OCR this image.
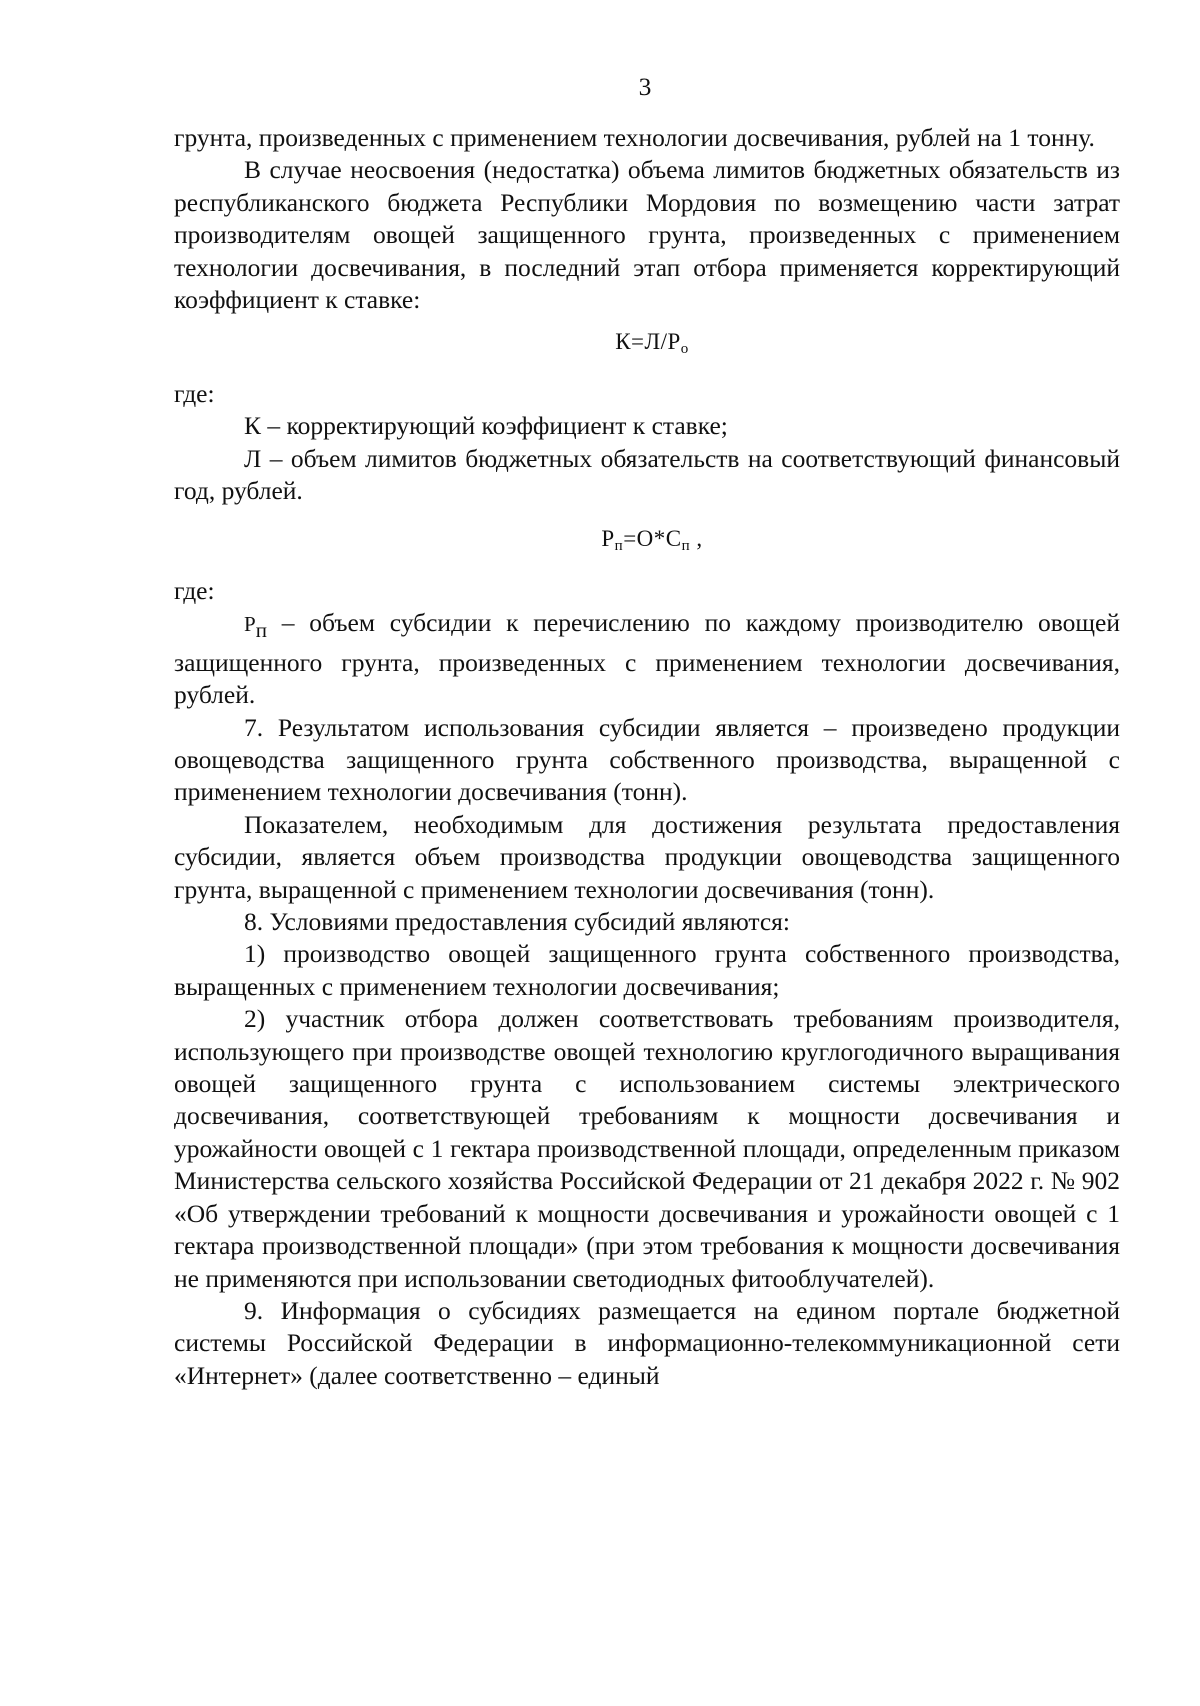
3

грунта, произведенных с применением технологии досвечивания, рублей на 1 тонну.

В случае неосвоения (недостатка) объема лимитов бюджетных обязательств из республиканского бюджета Республики Мордовия по возмещению части затрат производителям овощей защищенного грунта, произведенных с применением технологии досвечивания, в последний этап отбора применяется корректирующий коэффициент к ставке:

$К=Л/Р_о$

где:

К – корректирующий коэффициент к ставке;

Л – объем лимитов бюджетных обязательств на соответствующий финансовый год, рублей.

$Р_п=О*С_п$ ,

где:

$Р_п$ – объем субсидии к перечислению по каждому производителю овощей защищенного грунта, произведенных с применением технологии досвечивания, рублей.

7. Результатом использования субсидии является – произведено продукции овощеводства защищенного грунта собственного производства, выращенной с применением технологии досвечивания (тонн).

Показателем, необходимым для достижения результата предоставления субсидии, является объем производства продукции овощеводства защищенного грунта, выращенной с применением технологии досвечивания (тонн).

8. Условиями предоставления субсидий являются:

1) производство овощей защищенного грунта собственного производства, выращенных с применением технологии досвечивания;

2) участник отбора должен соответствовать требованиям производителя, использующего при производстве овощей технологию круглогодичного выращивания овощей защищенного грунта с использованием системы электрического досвечивания, соответствующей требованиям к мощности досвечивания и урожайности овощей с 1 гектара производственной площади, определенным приказом Министерства сельского хозяйства Российской Федерации от 21 декабря 2022 г. № 902 «Об утверждении требований к мощности досвечивания и урожайности овощей с 1 гектара производственной площади» (при этом требования к мощности досвечивания не применяются при использовании светодиодных фитооблучателей).

9. Информация о субсидиях размещается на едином портале бюджетной системы Российской Федерации в информационно-телекоммуникационной сети «Интернет» (далее соответственно – единый
